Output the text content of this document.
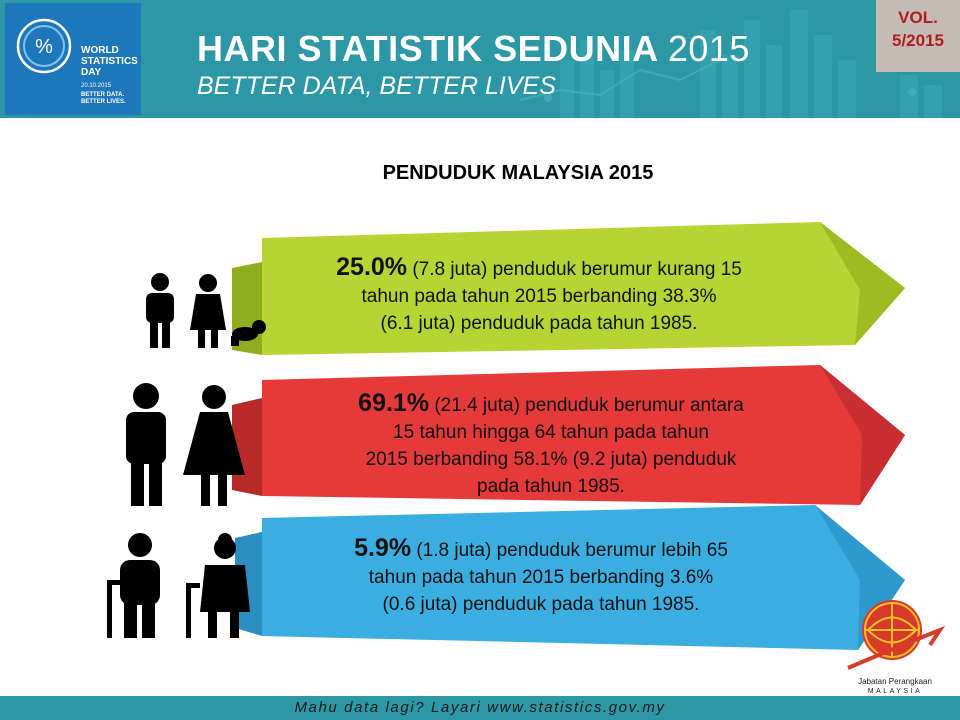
%	WORLD
STATISTICS
DAY
20.10.2015
BETTER DATA.
BETTER LIVES.
HARI STATISTIK SEDUNIA 2015
BETTER DATA, BETTER LIVES
VOL.
5/2015
PENDUDUK MALAYSIA 2015
25.0% (7.8 juta) penduduk berumur kurang 15
tahun pada tahun 2015 berbanding 38.3%
(6.1 juta) penduduk pada tahun 1985.
69.1% (21.4 juta) penduduk berumur antara
15 tahun hingga 64 tahun pada tahun
2015 berbanding 58.1% (9.2 juta) penduduk
pada tahun 1985.
5.9% (1.8 juta) penduduk berumur lebih 65
tahun pada tahun 2015 berbanding 3.6%
(0.6 juta) penduduk pada tahun 1985.
Jabatan Perangkaan
MALAYSIA
Mahu data lagi? Layari www.statistics.gov.my
